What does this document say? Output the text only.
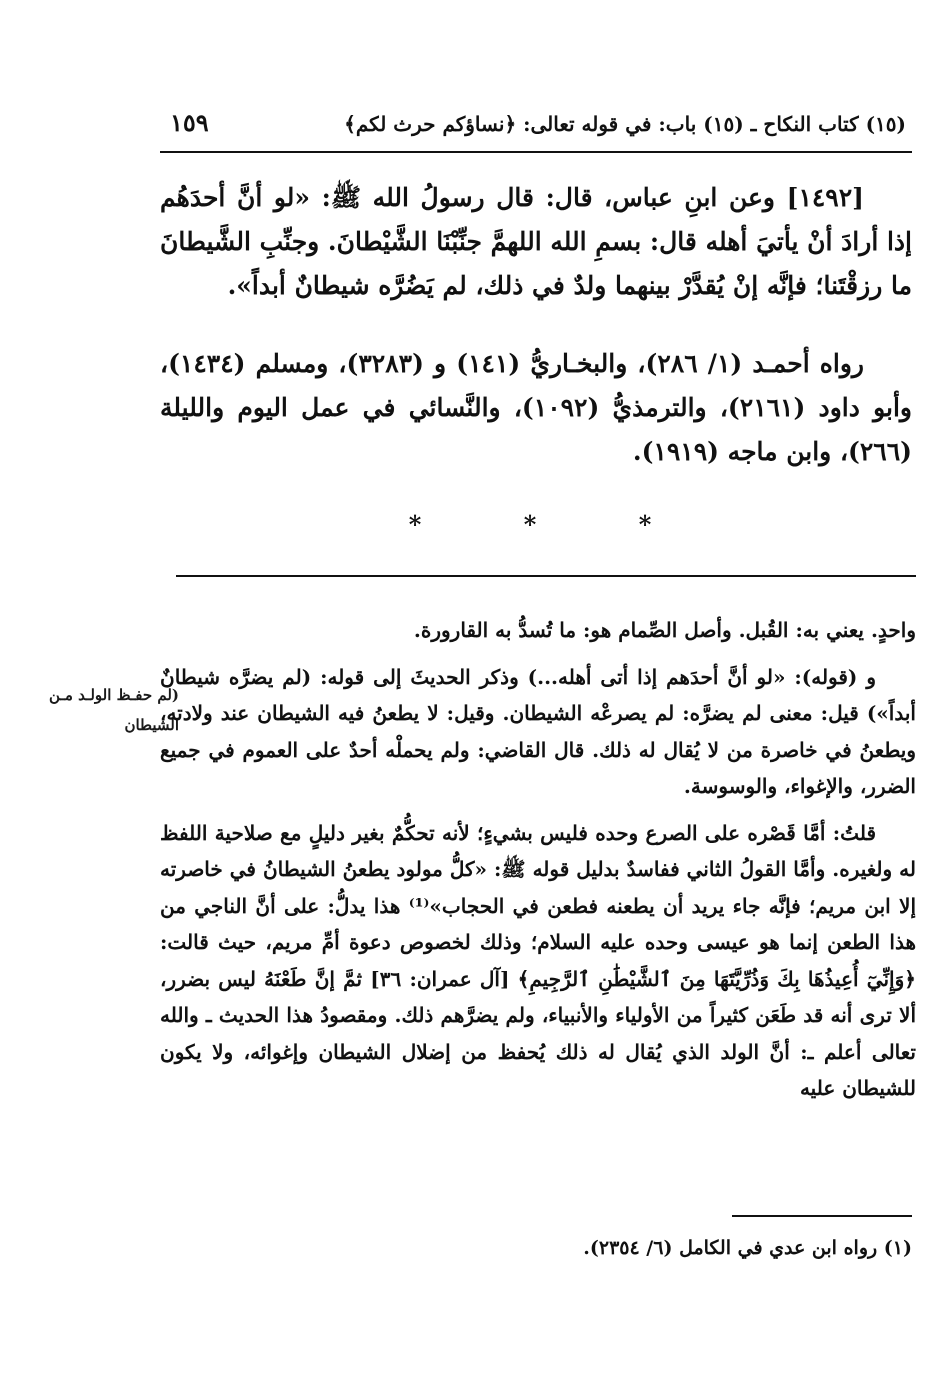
(١٥) كتاب النكاح ـ (١٥) باب: في قوله تعالى: ﴿نساؤكم حرث لكم﴾
١٥٩

[١٤٩٢] وعن ابنِ عباس، قال: قال رسولُ الله ﷺ: «لو أنَّ أحدَهُم إذا أرادَ أنْ يأتيَ أهله قال: بسمِ الله اللهمَّ جنِّبْنَا الشَّيْطانَ. وجنِّبِ الشَّيطانَ ما رزقْتَنا؛ فإنَّه إنْ يُقدَّرْ بينهما ولدٌ في ذلك، لم يَضُرَّه شيطانٌ أبداً».

رواه أحمـد (١/ ٢٨٦)، والبخـاريُّ (١٤١) و (٣٢٨٣)، ومسلم (١٤٣٤)، وأبو داود (٢١٦١)، والترمذيُّ (١٠٩٢)، والنَّسائي في عمل اليوم والليلة (٢٦٦)، وابن ماجه (١٩١٩).

*	*	*
(لم حفـظ الولـد مـن الشيطان

واحدٍ. يعني به: القُبل. وأصل الصِّمام هو: ما تُسدُّ به القارورة.

و (قوله): «لو أنَّ أحدَهم إذا أتى أهله...) وذكر الحديثَ إلى قوله: (لم يضرَّه شيطانٌ أبداً») قيل: معنى لم يضرَّه: لم يصرعْه الشيطان. وقيل: لا يطعنُ فيه الشيطان عند ولادته، ويطعنُ في خاصرة من لا يُقال له ذلك. قال القاضي: ولم يحملْه أحدٌ على العموم في جميع الضرر، والإغواء، والوسوسة.

قلتُ: أمَّا قَصْره على الصرع وحده فليس بشيءٍ؛ لأنه تحكُّمٌ بغير دليلٍ مع صلاحية اللفظ له ولغيره. وأمَّا القولُ الثاني ففاسدٌ بدليل قوله ﷺ: «كلُّ مولود يطعنُ الشيطانُ في خاصرته إلا ابن مريم؛ فإنَّه جاء يريد أن يطعنه فطعن في الحجاب»⁽¹⁾ هذا يدلُّ: على أنَّ الناجي من هذا الطعن إنما هو عيسى وحده عليه السلام؛ وذلك لخصوص دعوة أمِّ مريم، حيث قالت: ﴿وَإِنِّيٓ أُعِيذُهَا بِكَ وَذُرِّيَّتَهَا مِنَ ٱلشَّيْطَٰنِ ٱلرَّجِيمِ﴾ [آل عمران: ٣٦] ثمَّ إنَّ طَعْنَهُ ليس بضرر، ألا ترى أنه قد طَعَن كثيراً من الأولياء والأنبياء، ولم يضرَّهم ذلك. ومقصودُ هذا الحديث ـ والله تعالى أعلم ـ: أنَّ الولد الذي يُقال له ذلك يُحفظ من إضلال الشيطان وإغوائه، ولا يكون للشيطان عليه

(١) رواه ابن عدي في الكامل (٦/ ٢٣٥٤).
